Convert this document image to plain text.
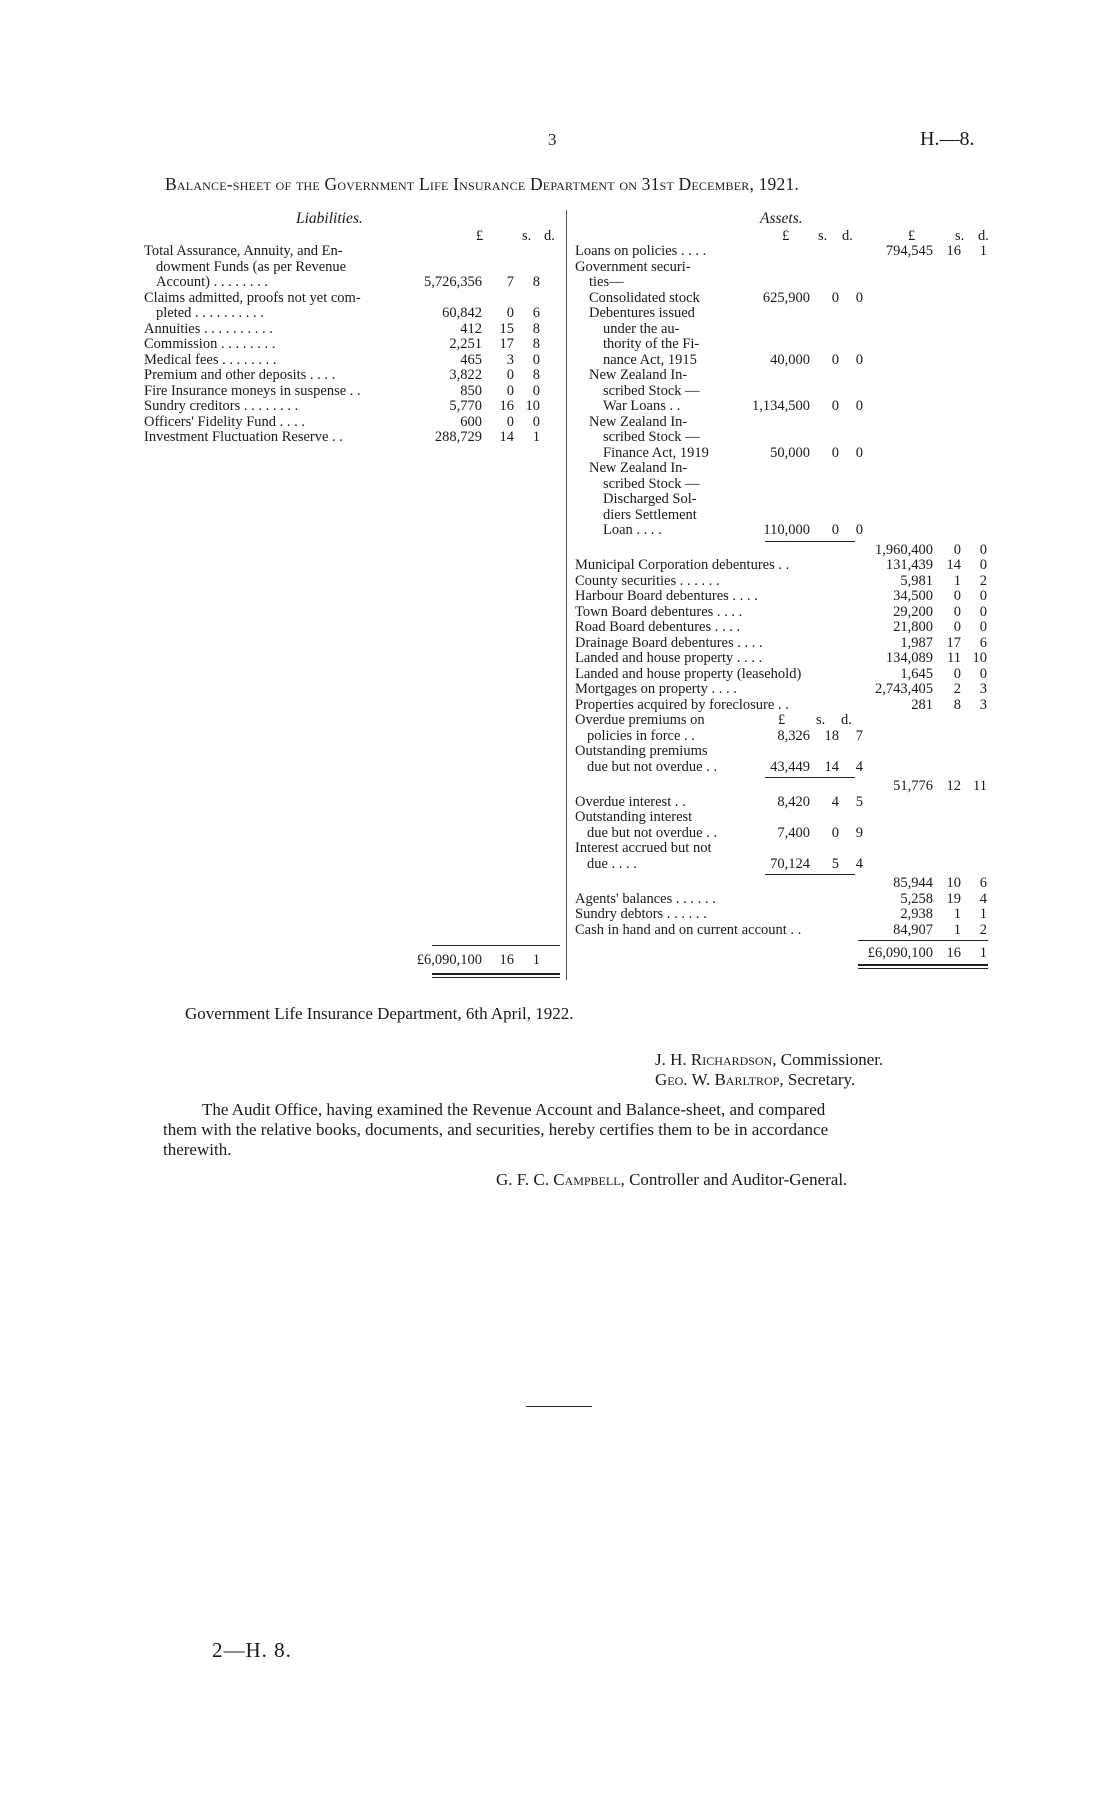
3	H.—8.
Balance-sheet of the Government Life Insurance Department on 31st December, 1921.
Liabilities.
£	s. d.
Total Assurance, Annuity, and En-
dowment Funds (as per Revenue
Account) . . . . . . . .	5,726,356	7	8
Claims admitted, proofs not yet com-
pleted . . . . . . . . . .	60,842	0	6
Annuities . . . . . . . . . .	412	15	8
Commission . . . . . . . .	2,251	17	8
Medical fees . . . . . . . .	465	3	0
Premium and other deposits . . . .	3,822	0	8
Fire Insurance moneys in suspense . .	850	0	0
Sundry creditors . . . . . . . .	5,770	16 10
Officers' Fidelity Fund . . . .	600	0	0
Investment Fluctuation Reserve . .	288,729	14	1
£6,090,100	16	1
Assets.
£ s. d.	£	s. d.
Loans on policies . . . .	794,545 16	1
Government securi-
ties—
Consolidated stock	625,900	0	0
Debentures issued
under the au-
thority of the Fi-
nance Act, 1915	40,000	0	0
New Zealand In-
scribed Stock —
War Loans . .	1,134,500	0	0
New Zealand In-
scribed Stock —
Finance Act, 1919	50,000	0	0
New Zealand In-
scribed Stock —
Discharged Sol-
diers Settlement
Loan . . . .	110,000	0	0
1,960,400	0	0
Municipal Corporation debentures . .	131,439 14	0
County securities . . . . . .	5,981	1	2
Harbour Board debentures . . . .	34,500	0	0
Town Board debentures . . . .	29,200	0	0
Road Board debentures . . . .	21,800	0	0
Drainage Board debentures . . . .	1,987 17	6
Landed and house property . . . .	134,089 11 10
Landed and house property (leasehold)	1,645	0	0
Mortgages on property . . . .	2,743,405	2	3
Properties acquired by foreclosure . .	281	8	3
£ s. d.
Overdue premiums on
policies in force . .	8,326	18	7
Outstanding premiums
due but not overdue . .	43,449	14	4
51,776 12 11
Overdue interest . .	8,420	4	5
Outstanding interest
due but not overdue . .	7,400	0	9
Interest accrued but not
due . . . .	70,124	5	4
85,944 10	6
Agents' balances . . . . . .	5,258 19	4
Sundry debtors . . . . . .	2,938	1	1
Cash in hand and on current account . .	84,907	1	2
£6,090,100 16	1
Government Life Insurance Department, 6th April, 1922.
J. H. Richardson, Commissioner.
Geo. W. Barltrop, Secretary.
The Audit Office, having examined the Revenue Account and Balance-sheet, and compared
them with the relative books, documents, and securities, hereby certifies them to be in accordance
therewith.
G. F. C. Campbell, Controller and Auditor-General.
2—H. 8.
